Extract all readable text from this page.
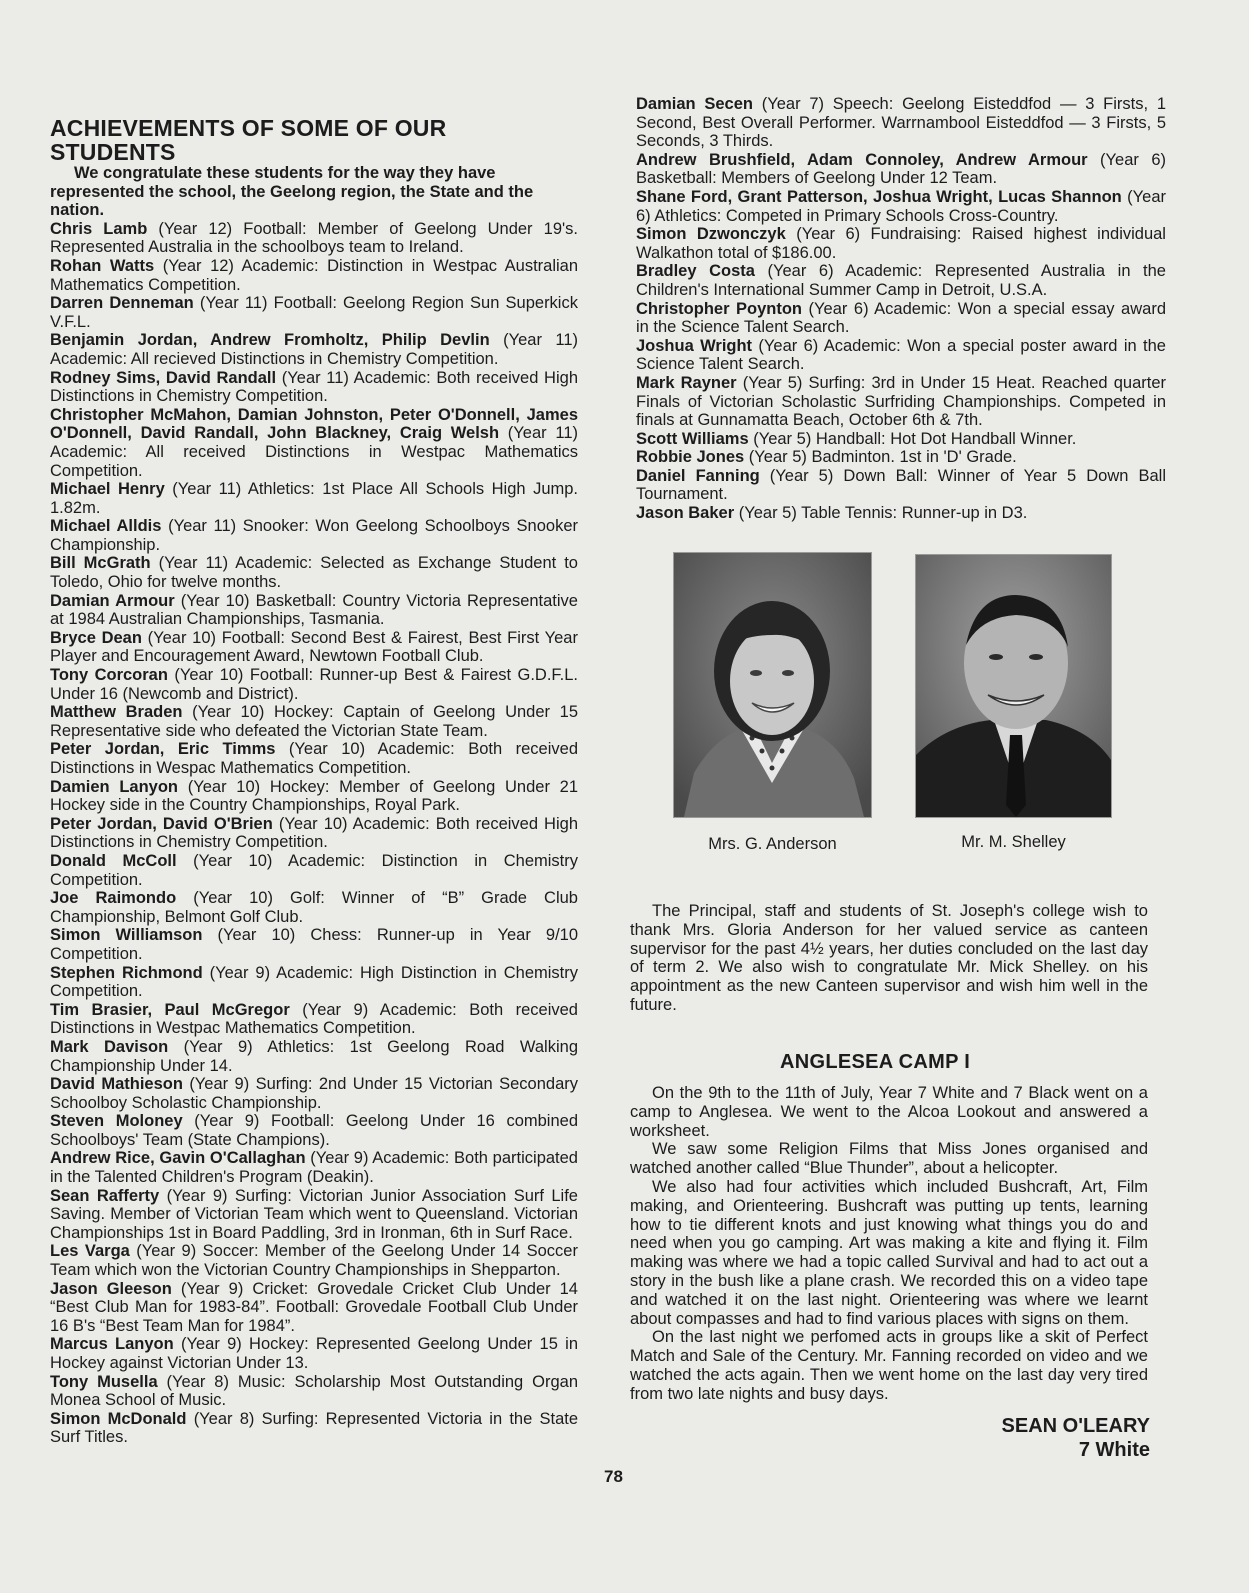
ACHIEVEMENTS OF SOME OF OUR STUDENTS

We congratulate these students for the way they have represented the school, the Geelong region, the State and the nation.

Chris Lamb (Year 12) Football: Member of Geelong Under 19's. Represented Australia in the schoolboys team to Ireland.

Rohan Watts (Year 12) Academic: Distinction in Westpac Australian Mathematics Competition.

Darren Denneman (Year 11) Football: Geelong Region Sun Superkick V.F.L.

Benjamin Jordan, Andrew Fromholtz, Philip Devlin (Year 11) Academic: All recieved Distinctions in Chemistry Competition.

Rodney Sims, David Randall (Year 11) Academic: Both received High Distinctions in Chemistry Competition.

Christopher McMahon, Damian Johnston, Peter O'Donnell, James O'Donnell, David Randall, John Blackney, Craig Welsh (Year 11) Academic: All received Distinctions in Westpac Mathematics Competition.

Michael Henry (Year 11) Athletics: 1st Place All Schools High Jump. 1.82m.

Michael Alldis (Year 11) Snooker: Won Geelong Schoolboys Snooker Championship.

Bill McGrath (Year 11) Academic: Selected as Exchange Student to Toledo, Ohio for twelve months.

Damian Armour (Year 10) Basketball: Country Victoria Representative at 1984 Australian Championships, Tasmania.

Bryce Dean (Year 10) Football: Second Best & Fairest, Best First Year Player and Encouragement Award, Newtown Football Club.

Tony Corcoran (Year 10) Football: Runner-up Best & Fairest G.D.F.L. Under 16 (Newcomb and District).

Matthew Braden (Year 10) Hockey: Captain of Geelong Under 15 Representative side who defeated the Victorian State Team.

Peter Jordan, Eric Timms (Year 10) Academic: Both received Distinctions in Wespac Mathematics Competition.

Damien Lanyon (Year 10) Hockey: Member of Geelong Under 21 Hockey side in the Country Championships, Royal Park.

Peter Jordan, David O'Brien (Year 10) Academic: Both received High Distinctions in Chemistry Competition.

Donald McColl (Year 10) Academic: Distinction in Chemistry Competition.

Joe Raimondo (Year 10) Golf: Winner of “B” Grade Club Championship, Belmont Golf Club.

Simon Williamson (Year 10) Chess: Runner-up in Year 9/10 Competition.

Stephen Richmond (Year 9) Academic: High Distinction in Chemistry Competition.

Tim Brasier, Paul McGregor (Year 9) Academic: Both received Distinctions in Westpac Mathematics Competition.

Mark Davison (Year 9) Athletics: 1st Geelong Road Walking Championship Under 14.

David Mathieson (Year 9) Surfing: 2nd Under 15 Victorian Secondary Schoolboy Scholastic Championship.

Steven Moloney (Year 9) Football: Geelong Under 16 combined Schoolboys' Team (State Champions).

Andrew Rice, Gavin O'Callaghan (Year 9) Academic: Both participated in the Talented Children's Program (Deakin).

Sean Rafferty (Year 9) Surfing: Victorian Junior Association Surf Life Saving. Member of Victorian Team which went to Queensland. Victorian Championships 1st in Board Paddling, 3rd in Ironman, 6th in Surf Race.

Les Varga (Year 9) Soccer: Member of the Geelong Under 14 Soccer Team which won the Victorian Country Championships in Shepparton.

Jason Gleeson (Year 9) Cricket: Grovedale Cricket Club Under 14 “Best Club Man for 1983-84”. Football: Grovedale Football Club Under 16 B's “Best Team Man for 1984”.

Marcus Lanyon (Year 9) Hockey: Represented Geelong Under 15 in Hockey against Victorian Under 13.

Tony Musella (Year 8) Music: Scholarship Most Outstanding Organ Monea School of Music.

Simon McDonald (Year 8) Surfing: Represented Victoria in the State Surf Titles.

Damian Secen (Year 7) Speech: Geelong Eisteddfod — 3 Firsts, 1 Second, Best Overall Performer. Warrnambool Eisteddfod — 3 Firsts, 5 Seconds, 3 Thirds.

Andrew Brushfield, Adam Connoley, Andrew Armour (Year 6) Basketball: Members of Geelong Under 12 Team.

Shane Ford, Grant Patterson, Joshua Wright, Lucas Shannon (Year 6) Athletics: Competed in Primary Schools Cross-Country.

Simon Dzwonczyk (Year 6) Fundraising: Raised highest individual Walkathon total of $186.00.

Bradley Costa (Year 6) Academic: Represented Australia in the Children's International Summer Camp in Detroit, U.S.A.

Christopher Poynton (Year 6) Academic: Won a special essay award in the Science Talent Search.

Joshua Wright (Year 6) Academic: Won a special poster award in the Science Talent Search.

Mark Rayner (Year 5) Surfing: 3rd in Under 15 Heat. Reached quarter Finals of Victorian Scholastic Surfriding Championships. Competed in finals at Gunnamatta Beach, October 6th & 7th.

Scott Williams (Year 5) Handball: Hot Dot Handball Winner.

Robbie Jones (Year 5) Badminton. 1st in 'D' Grade.

Daniel Fanning (Year 5) Down Ball: Winner of Year 5 Down Ball Tournament.

Jason Baker (Year 5) Table Tennis: Runner-up in D3.

Mrs. G. Anderson	Mr. M. Shelley

The Principal, staff and students of St. Joseph's college wish to thank Mrs. Gloria Anderson for her valued service as canteen supervisor for the past 4½ years, her duties concluded on the last day of term 2. We also wish to congratulate Mr. Mick Shelley. on his appointment as the new Canteen supervisor and wish him well in the future.

ANGLESEA CAMP I

On the 9th to the 11th of July, Year 7 White and 7 Black went on a camp to Anglesea. We went to the Alcoa Lookout and answered a worksheet.

We saw some Religion Films that Miss Jones organised and watched another called “Blue Thunder”, about a helicopter.

We also had four activities which included Bushcraft, Art, Film making, and Orienteering. Bushcraft was putting up tents, learning how to tie different knots and just knowing what things you do and need when you go camping. Art was making a kite and flying it. Film making was where we had a topic called Survival and had to act out a story in the bush like a plane crash. We recorded this on a video tape and watched it on the last night. Orienteering was where we learnt about compasses and had to find various places with signs on them.

On the last night we perfomed acts in groups like a skit of Perfect Match and Sale of the Century. Mr. Fanning recorded on video and we watched the acts again. Then we went home on the last day very tired from two late nights and busy days.

SEAN O'LEARY
7 White
78
